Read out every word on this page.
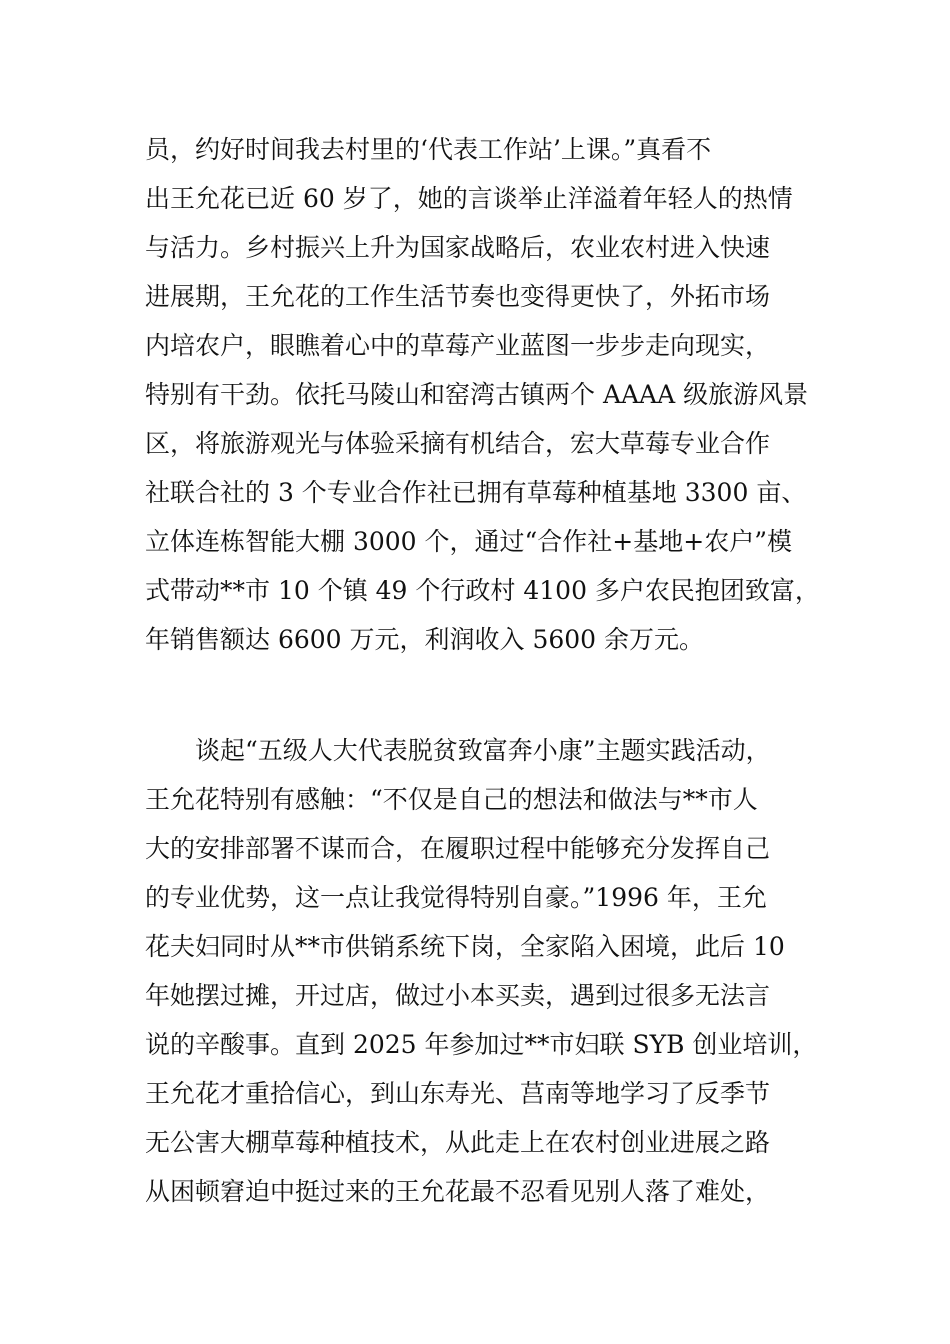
员，约好时间我去村里的‘代表工作站’上课。”真看不
出王允花已近 60 岁了，她的言谈举止洋溢着年轻人的热情
与活力。乡村振兴上升为国家战略后，农业农村进入快速
进展期，王允花的工作生活节奏也变得更快了，外拓市场
内培农户，眼瞧着心中的草莓产业蓝图一步步走向现实，
特别有干劲。依托马陵山和窑湾古镇两个 AAAA 级旅游风景
区，将旅游观光与体验采摘有机结合，宏大草莓专业合作
社联合社的 3 个专业合作社已拥有草莓种植基地 3300 亩、
立体连栋智能大棚 3000 个，通过“合作社+基地+农户”模
式带动**市 10 个镇 49 个行政村 4100 多户农民抱团致富，
年销售额达 6600 万元，利润收入 5600 余万元。
谈起“五级人大代表脱贫致富奔小康”主题实践活动，
王允花特别有感触：“不仅是自己的想法和做法与**市人
大的安排部署不谋而合，在履职过程中能够充分发挥自己
的专业优势，这一点让我觉得特别自豪。”1996 年，王允
花夫妇同时从**市供销系统下岗，全家陷入困境，此后 10
年她摆过摊，开过店，做过小本买卖，遇到过很多无法言
说的辛酸事。直到 2025 年参加过**市妇联 SYB 创业培训，
王允花才重拾信心，到山东寿光、莒南等地学习了反季节
无公害大棚草莓种植技术，从此走上在农村创业进展之路
从困顿窘迫中挺过来的王允花最不忍看见别人落了难处，
